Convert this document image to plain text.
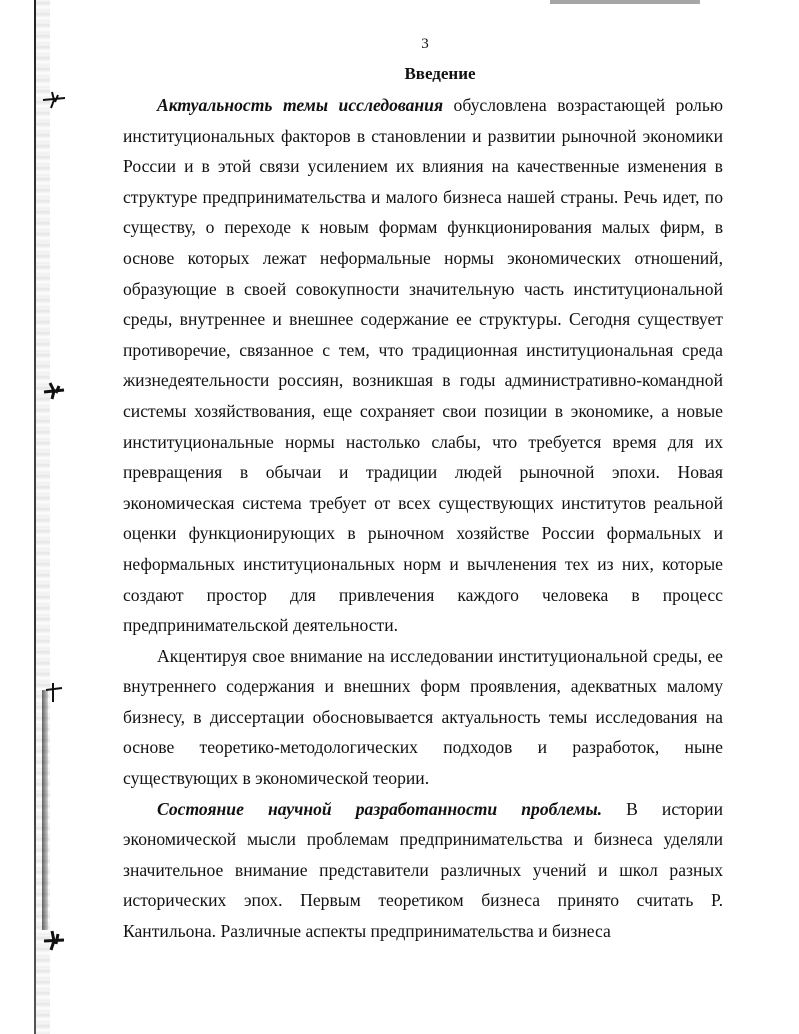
3
Введение

Актуальность темы исследования обусловлена возрастающей ролью институциональных факторов в становлении и развитии рыночной экономики России и в этой связи усилением их влияния на качественные изменения в структуре предпринимательства и малого бизнеса нашей страны. Речь идет, по существу, о переходе к новым формам функционирования малых фирм, в основе которых лежат неформальные нормы экономических отношений, образующие в своей совокупности значительную часть институциональной среды, внутреннее и внешнее содержание ее структуры. Сегодня существует противоречие, связанное с тем, что традиционная институциональная среда жизнедеятельности россиян, возникшая в годы административно-командной системы хозяйствования, еще сохраняет свои позиции в экономике, а новые институциональные нормы настолько слабы, что требуется время для их превращения в обычаи и традиции людей рыночной эпохи. Новая экономическая система требует от всех существующих институтов реальной оценки функционирующих в рыночном хозяйстве России формальных и неформальных институциональных норм и вычленения тех из них, которые создают простор для привлечения каждого человека в процесс предпринимательской деятельности.

Акцентируя свое внимание на исследовании институциональной среды, ее внутреннего содержания и внешних форм проявления, адекватных малому бизнесу, в диссертации обосновывается актуальность темы исследования на основе теоретико-методологических подходов и разработок, ныне существующих в экономической теории.

Состояние научной разработанности проблемы. В истории экономической мысли проблемам предпринимательства и бизнеса уделяли значительное внимание представители различных учений и школ разных исторических эпох. Первым теоретиком бизнеса принято считать Р. Кантильона. Различные аспекты предпринимательства и бизнеса
